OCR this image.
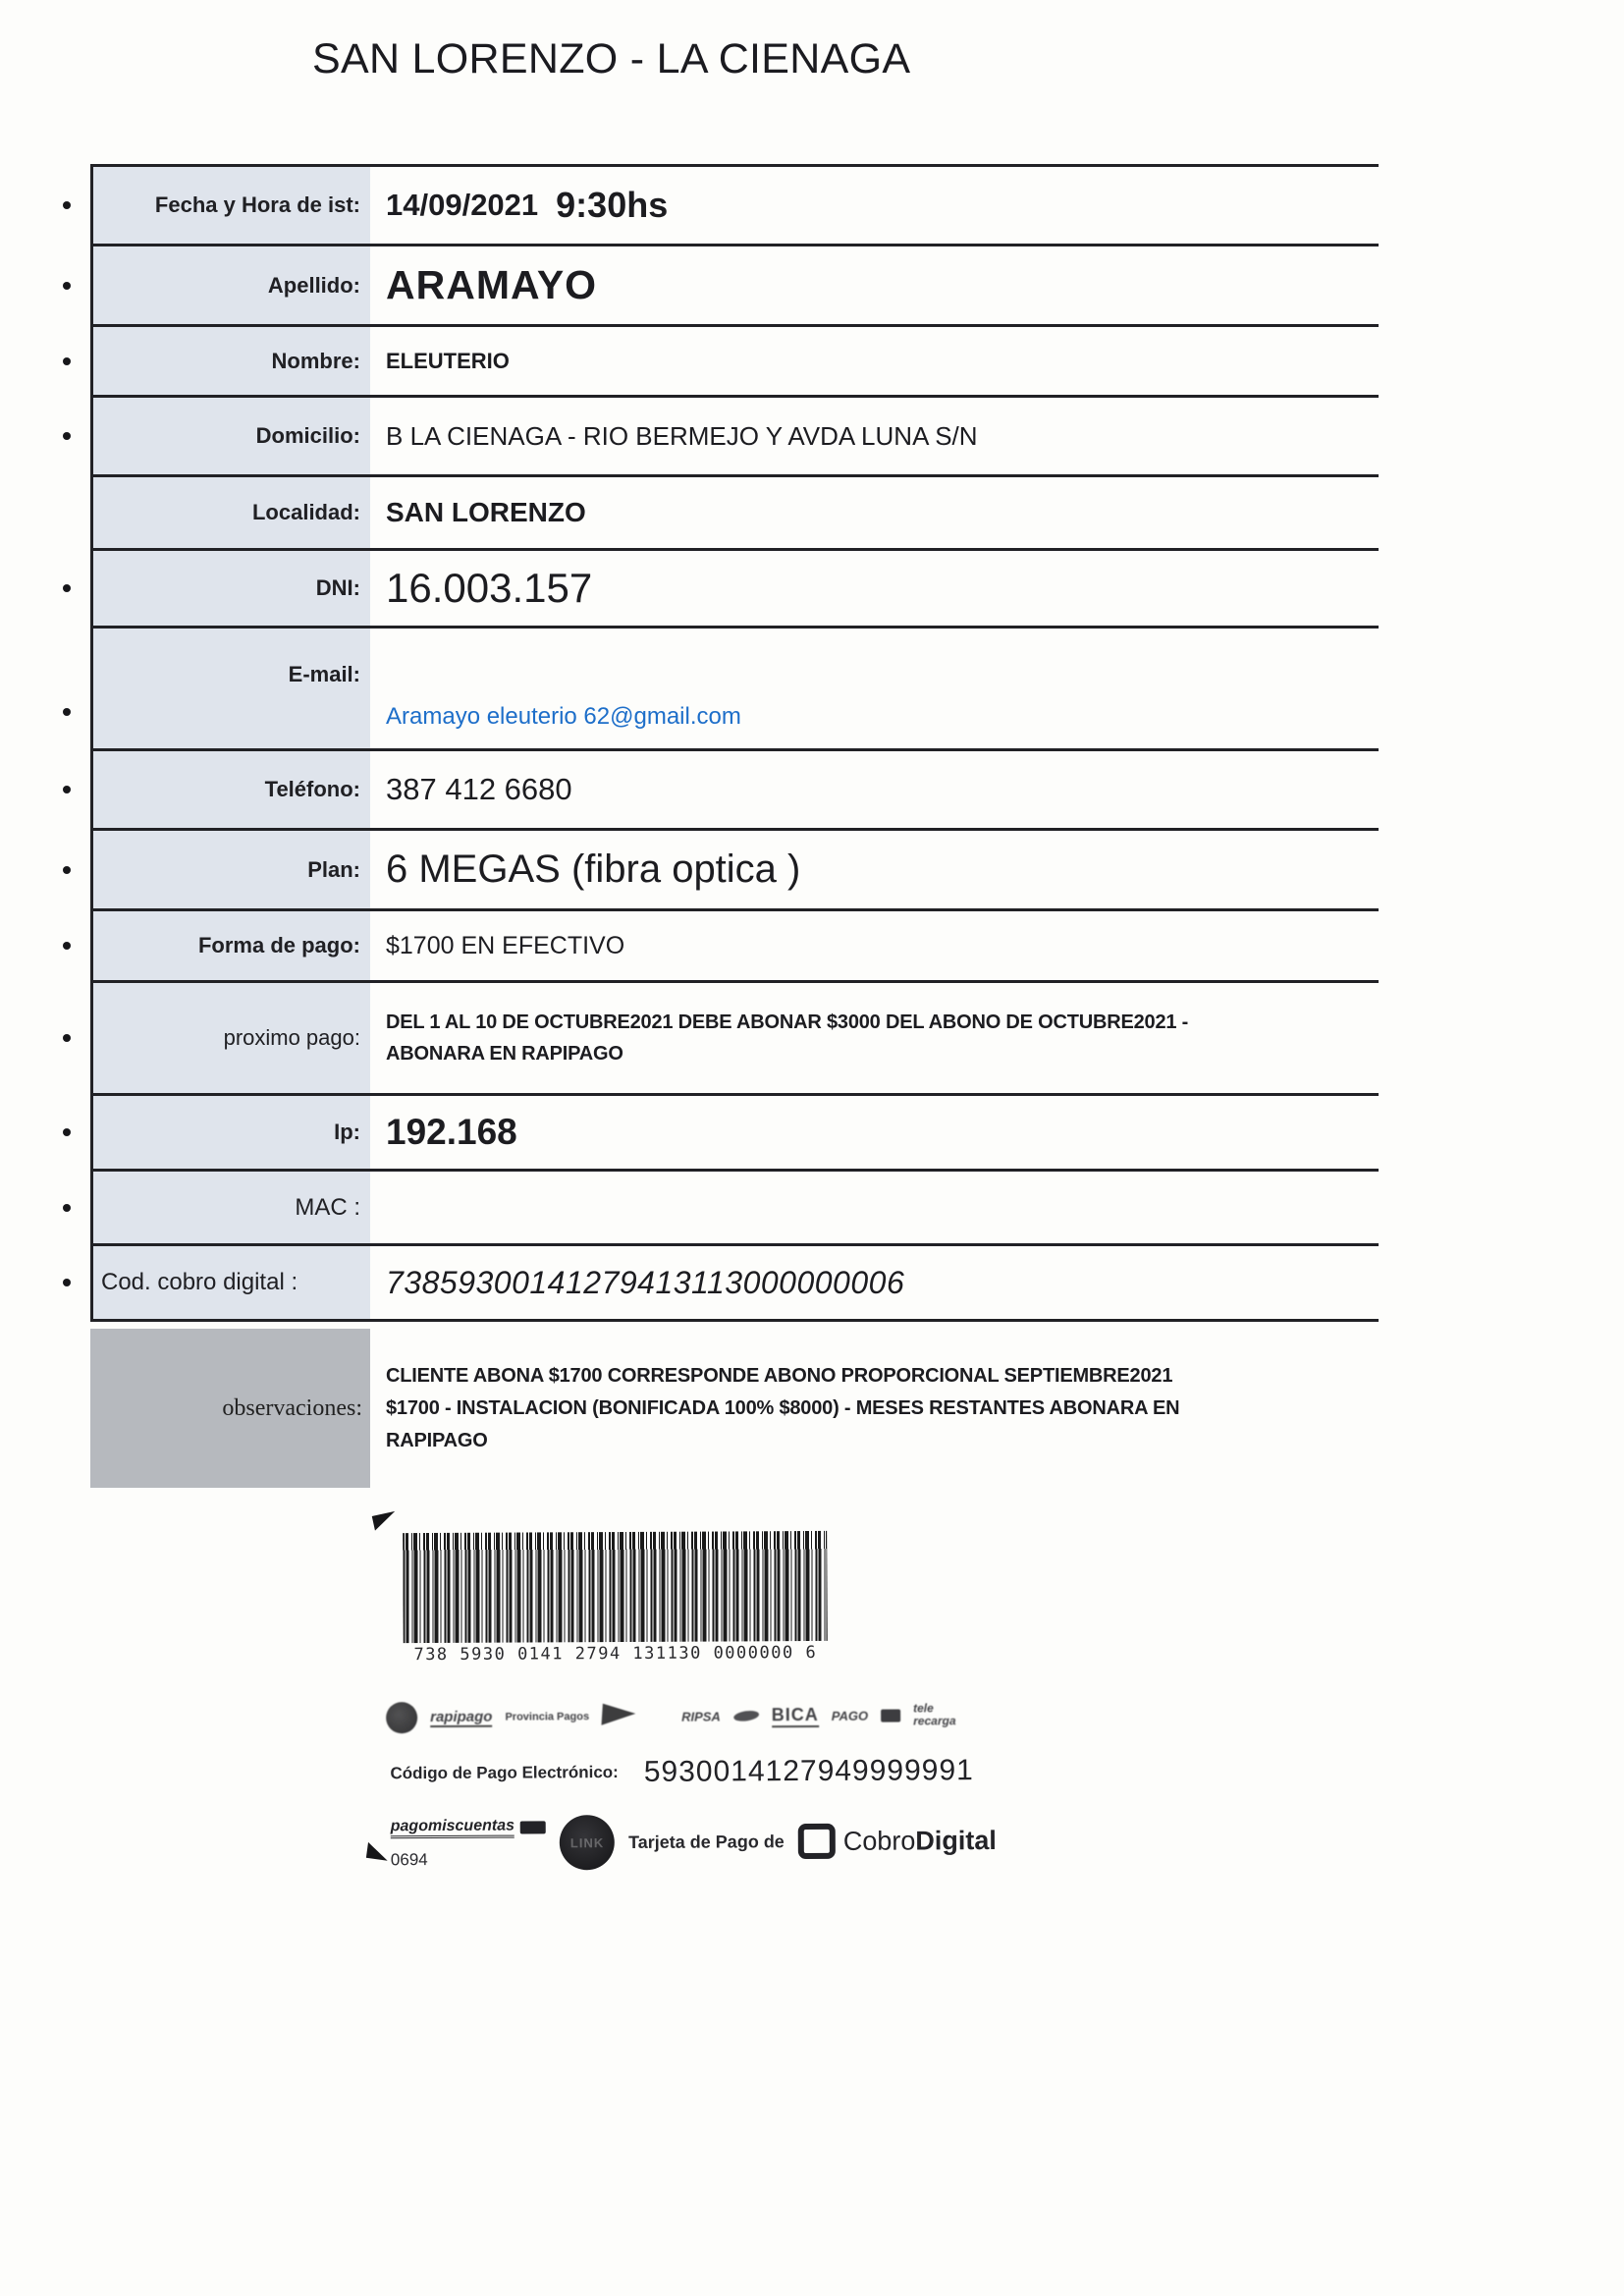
SAN LORENZO - LA CIENAGA
Fecha y Hora de ist: 14/09/2021 9:30hs
Apellido: ARAMAYO
Nombre:	ELEUTERIO
Domicilio:	B LA CIENAGA - RIO BERMEJO Y AVDA LUNA S/N
Localidad: SAN LORENZO
DNI: 16.003.157
E-mail:
Aramayo eleuterio 62@gmail.com
Teléfono: 387 412 6680
Plan: 6 MEGAS (fibra optica )
Forma de pago:	$1700 EN EFECTIVO
proximo pago:
DEL 1 AL 10 DE OCTUBRE2021 DEBE ABONAR $3000 DEL ABONO DE OCTUBRE2021 - ABONARA EN RAPIPAGO
Ip: 192.168
MAC :
Cod. cobro digital :	73859300141279413113000000006
observaciones:
CLIENTE ABONA $1700 CORRESPONDE ABONO PROPORCIONAL SEPTIEMBRE2021 $1700 - INSTALACION (BONIFICADA 100% $8000) - MESES RESTANTES ABONARA EN RAPIPAGO
738 5930 0141 2794 131130 0000000 6
rapipago Provincia Pagos	RIPSA	BICA PAGO	tele recarga
Código de Pago Electrónico: 5930014127949999991
pagomiscuentas
0694
LINK	Tarjeta de Pago de CobroDigital
